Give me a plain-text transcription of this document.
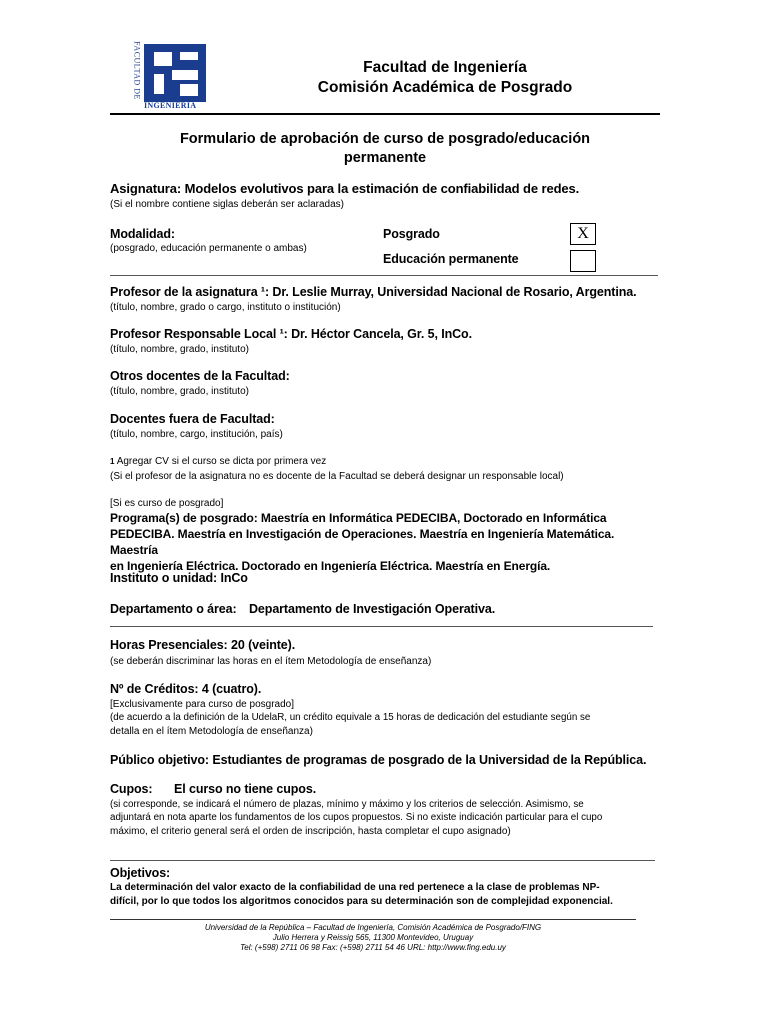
FACULTAD DE
INGENIERIA
Facultad de Ingeniería
Comisión Académica de Posgrado
Formulario de aprobación de curso de posgrado/educación
permanente
Asignatura: Modelos evolutivos para la estimación de confiabilidad de redes.
(Si el nombre contiene siglas deberán ser aclaradas)
Modalidad:
(posgrado, educación permanente o ambas)
Posgrado	X
Educación permanente
Profesor de la asignatura ¹: Dr. Leslie Murray, Universidad Nacional de Rosario, Argentina.
(título, nombre, grado o cargo, instituto o institución)
Profesor Responsable Local ¹: Dr. Héctor Cancela, Gr. 5, InCo.
(título, nombre, grado, instituto)
Otros docentes de la Facultad:
(título, nombre, grado, instituto)
Docentes fuera de Facultad:
(título, nombre, cargo, institución, país)
$^1$ Agregar CV si el curso se dicta por primera vez
(Si el profesor de la asignatura no es docente de la Facultad se deberá designar un responsable local)
[Si es curso de posgrado]
Programa(s) de posgrado: Maestría en Informática PEDECIBA, Doctorado en Informática
PEDECIBA. Maestría en Investigación de Operaciones. Maestría en Ingeniería Matemática. Maestría
en Ingeniería Eléctrica. Doctorado en Ingeniería Eléctrica. Maestría en Energía.
Instituto o unidad: InCo
Departamento o área: Departamento de Investigación Operativa.
Horas Presenciales: 20 (veinte).
(se deberán discriminar las horas en el ítem Metodología de enseñanza)
Nº de Créditos: 4 (cuatro).
[Exclusivamente para curso de posgrado]
(de acuerdo a la definición de la UdelaR, un crédito equivale a 15 horas de dedicación del estudiante según se
detalla en el ítem Metodología de enseñanza)
Público objetivo: Estudiantes de programas de posgrado de la Universidad de la República.
Cupos: El curso no tiene cupos.
(si corresponde, se indicará el número de plazas, mínimo y máximo y los criterios de selección. Asimismo, se
adjuntará en nota aparte los fundamentos de los cupos propuestos. Si no existe indicación particular para el cupo
máximo, el criterio general será el orden de inscripción, hasta completar el cupo asignado)
Objetivos:
La determinación del valor exacto de la confiabilidad de una red pertenece a la clase de problemas NP-
difícil, por lo que todos los algoritmos conocidos para su determinación son de complejidad exponencial.
Universidad de la República – Facultad de Ingeniería, Comisión Académica de Posgrado/FING
Julio Herrera y Reissig 565, 11300 Montevideo, Uruguay
Tel: (+598) 2711 06 98 Fax: (+598) 2711 54 46 URL: http://www.fing.edu.uy
